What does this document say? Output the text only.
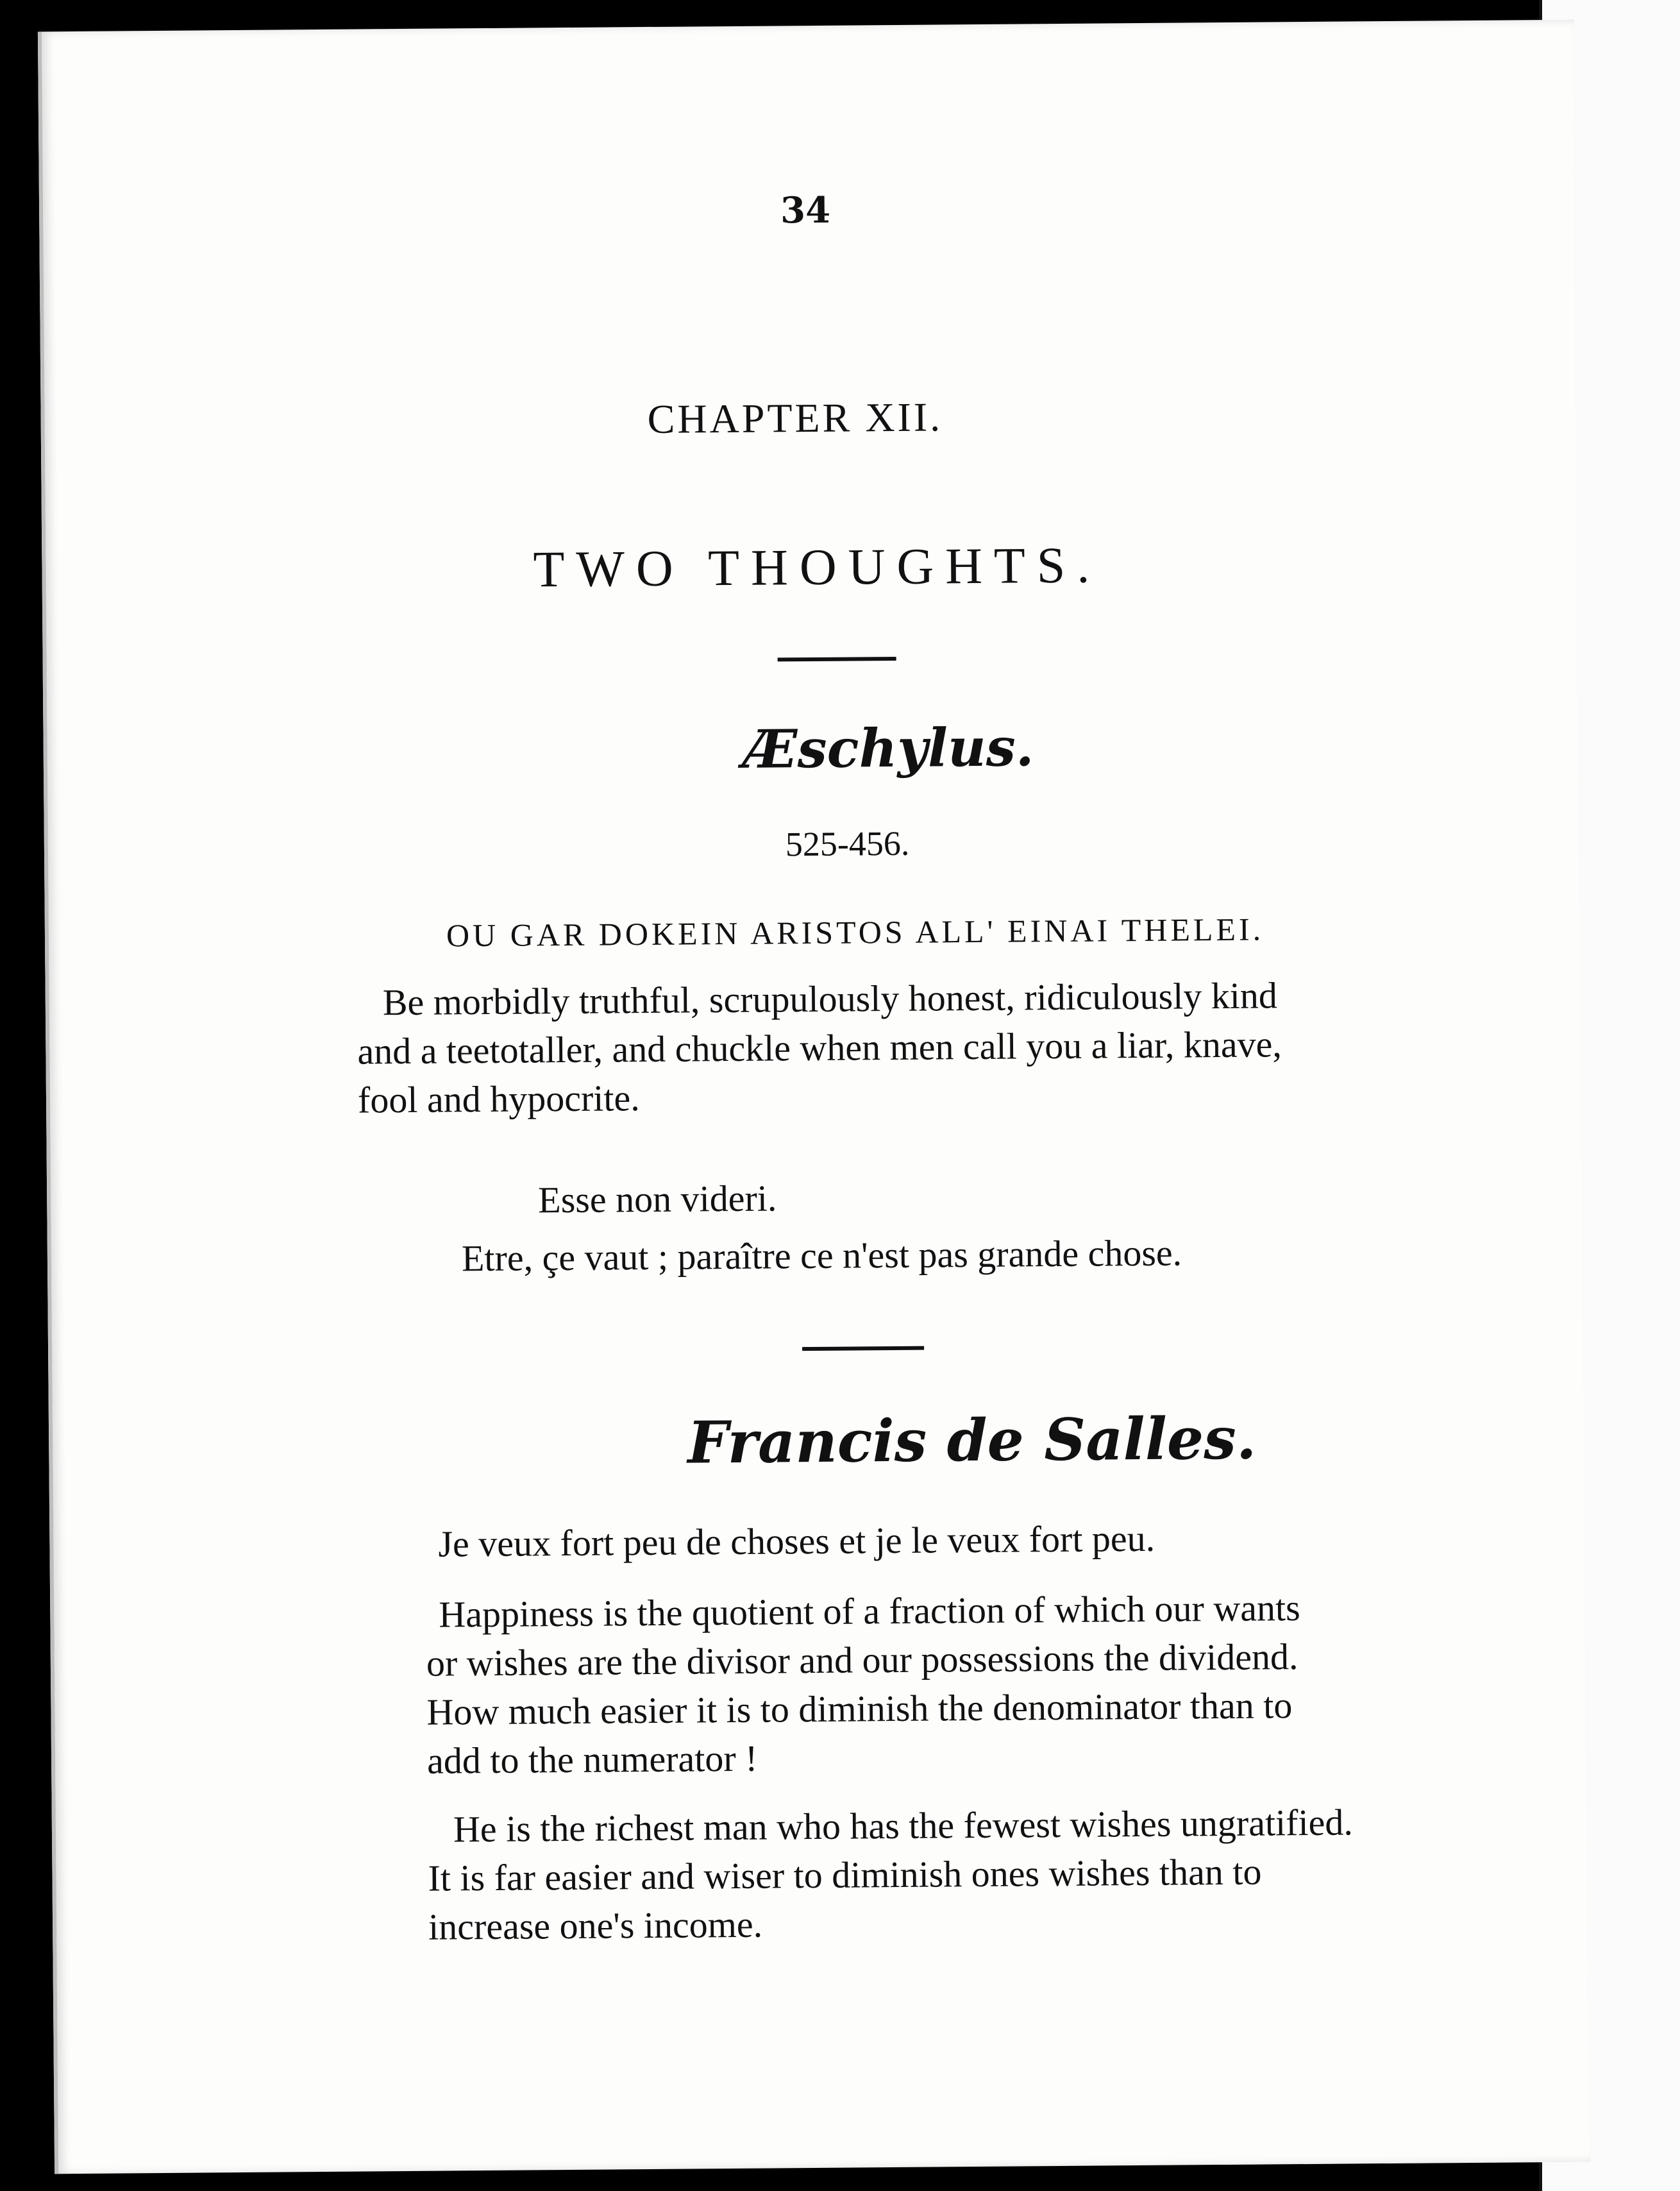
34
CHAPTER XII.
TWO THOUGHTS.
Æschylus.
525-456.
OU GAR DOKEIN ARISTOS ALL' EINAI THELEI.
Be morbidly truthful, scrupulously honest, ridiculously kind
and a teetotaller, and chuckle when men call you a liar, knave,
fool and hypocrite.
Esse non videri.
Etre, çe vaut ; paraître ce n'est pas grande chose.
Francis de Salles.
Je veux fort peu de choses et je le veux fort peu.
Happiness is the quotient of a fraction of which our wants
or wishes are the divisor and our possessions the dividend.
How much easier it is to diminish the denominator than to
add to the numerator !
He is the richest man who has the fewest wishes ungratified.
It is far easier and wiser to diminish ones wishes than to
increase one's income.
